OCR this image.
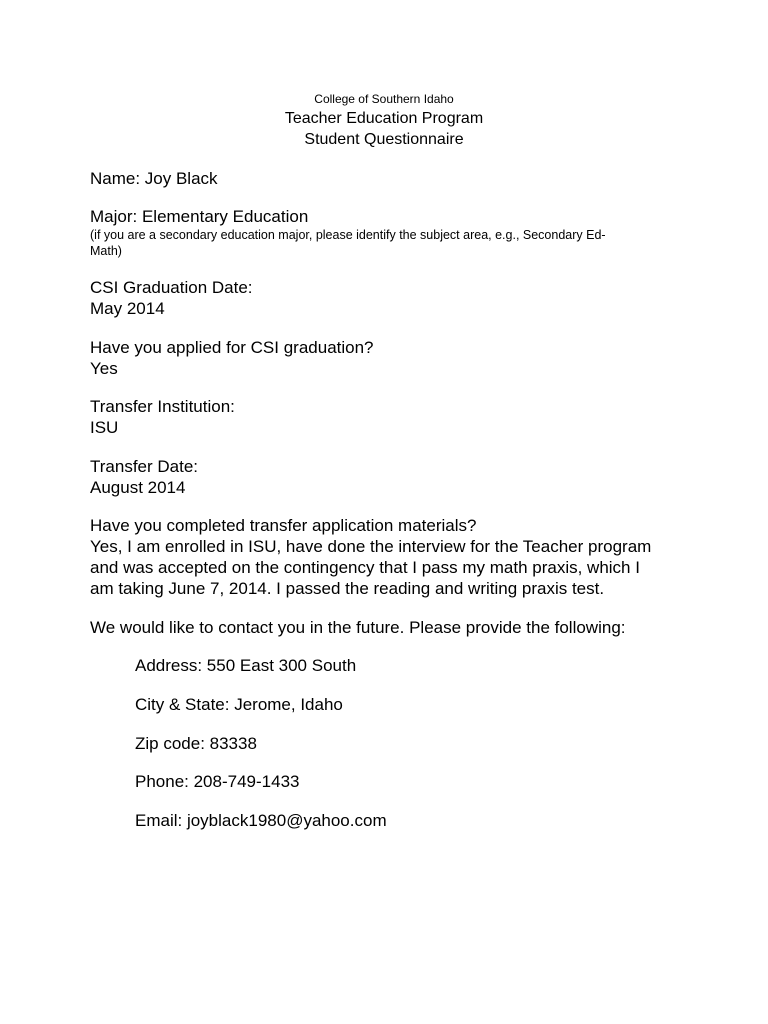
College of Southern Idaho
Teacher Education Program
Student Questionnaire
Name: Joy Black
Major: Elementary Education
(if you are a secondary education major, please identify the subject area, e.g., Secondary Ed-
Math)
CSI Graduation Date:
May 2014
Have you applied for CSI graduation?
Yes
Transfer Institution:
ISU
Transfer Date:
August 2014
Have you completed transfer application materials?
Yes, I am enrolled in ISU, have done the interview for the Teacher program
and was accepted on the contingency that I pass my math praxis, which I
am taking June 7, 2014. I passed the reading and writing praxis test.
We would like to contact you in the future. Please provide the following:
Address: 550 East 300 South
City & State: Jerome, Idaho
Zip code: 83338
Phone: 208-749-1433
Email: joyblack1980@yahoo.com
